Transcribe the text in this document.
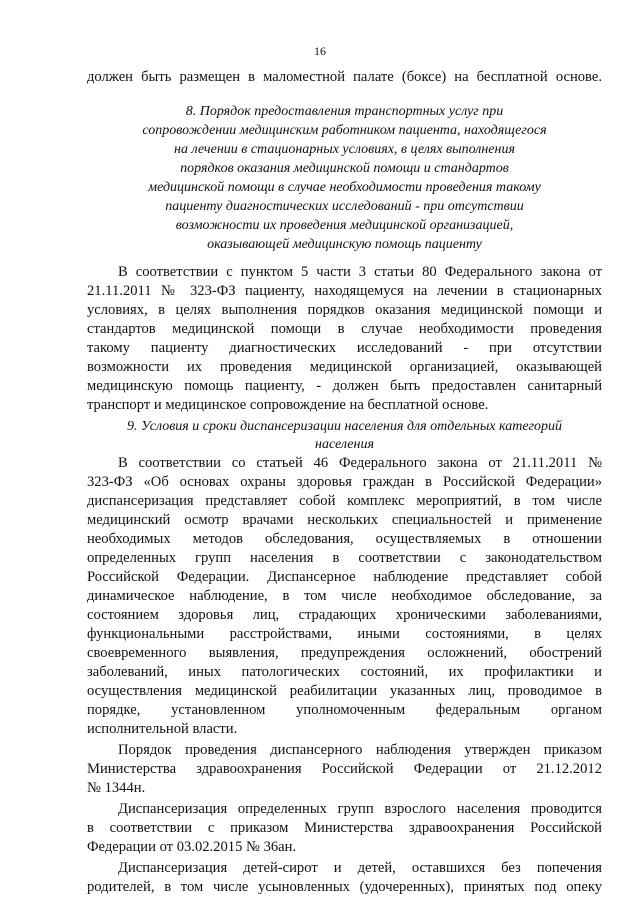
16
должен быть размещен в маломестной палате (боксе) на бесплатной основе.
8. Порядок предоставления транспортных услуг при
сопровождении медицинским работником пациента, находящегося
на лечении в стационарных условиях, в целях выполнения
порядков оказания медицинской помощи и стандартов
медицинской помощи в случае необходимости проведения такому
пациенту диагностических исследований - при отсутствии
возможности их проведения медицинской организацией,
оказывающей медицинскую помощь пациенту
В соответствии с пунктом 5 части 3 статьи 80 Федерального закона от
21.11.2011 № 323-ФЗ пациенту, находящемуся на лечении в стационарных
условиях, в целях выполнения порядков оказания медицинской помощи и
стандартов медицинской помощи в случае необходимости проведения
такому пациенту диагностических исследований - при отсутствии
возможности их проведения медицинской организацией, оказывающей
медицинскую помощь пациенту, - должен быть предоставлен санитарный
транспорт и медицинское сопровождение на бесплатной основе.
9. Условия и сроки диспансеризации населения для отдельных категорий
населения
В соответствии со статьей 46 Федерального закона от 21.11.2011 №
323-ФЗ «Об основах охраны здоровья граждан в Российской Федерации»
диспансеризация представляет собой комплекс мероприятий, в том числе
медицинский осмотр врачами нескольких специальностей и применение
необходимых методов обследования, осуществляемых в отношении
определенных групп населения в соответствии с законодательством
Российской Федерации. Диспансерное наблюдение представляет собой
динамическое наблюдение, в том числе необходимое обследование, за
состоянием здоровья лиц, страдающих хроническими заболеваниями,
функциональными расстройствами, иными состояниями, в целях
своевременного выявления, предупреждения осложнений, обострений
заболеваний, иных патологических состояний, их профилактики и
осуществления медицинской реабилитации указанных лиц, проводимое в
порядке, установленном уполномоченным федеральным органом
исполнительной власти.
Порядок проведения диспансерного наблюдения утвержден приказом
Министерства здравоохранения Российской Федерации от 21.12.2012
№ 1344н.
Диспансеризация определенных групп взрослого населения проводится
в соответствии с приказом Министерства здравоохранения Российской
Федерации от 03.02.2015 № 36ан.
Диспансеризация детей-сирот и детей, оставшихся без попечения
родителей, в том числе усыновленных (удочеренных), принятых под опеку
